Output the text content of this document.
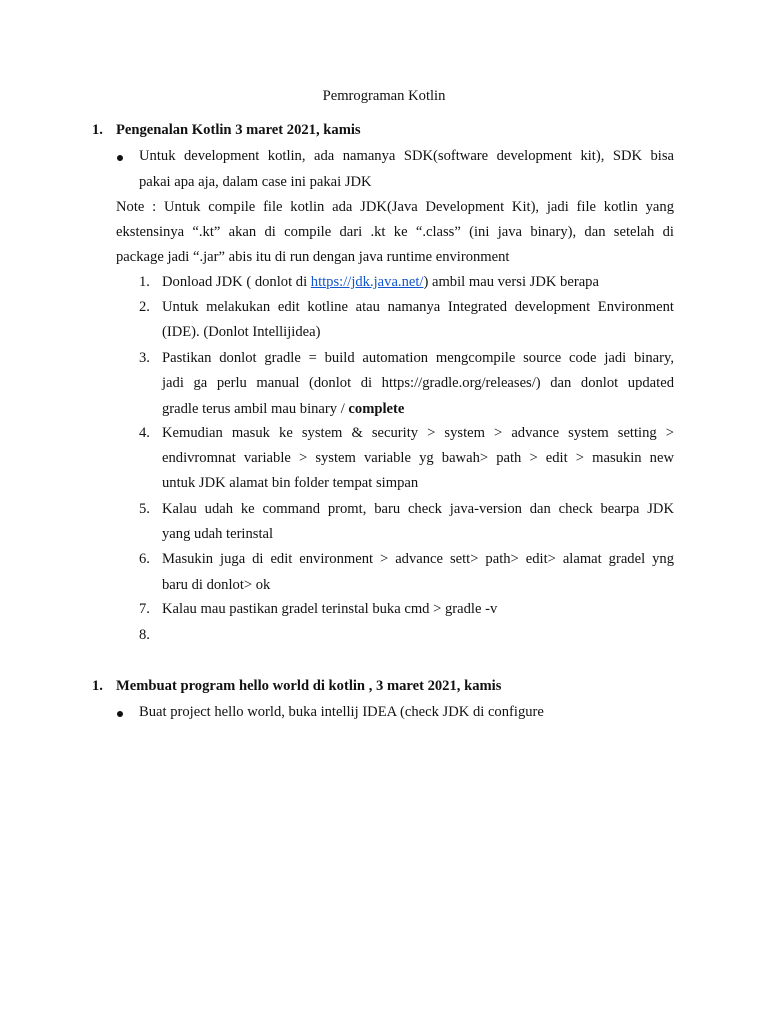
Pemrograman Kotlin
1. Pengenalan Kotlin 3 maret 2021, kamis
Untuk development kotlin, ada namanya SDK(software development kit), SDK bisa
pakai apa aja, dalam case ini pakai JDK
Note : Untuk compile file kotlin ada JDK(Java Development Kit), jadi file kotlin yang
ekstensinya “.kt” akan di compile dari .kt ke “.class” (ini java binary), dan setelah di
package jadi “.jar” abis itu di run dengan java runtime environment
1. Donload JDK ( donlot di https://jdk.java.net/) ambil mau versi JDK berapa
2. Untuk melakukan edit kotline atau namanya Integrated development Environment
(IDE). (Donlot Intellijidea)
3. Pastikan donlot gradle = build automation mengcompile source code jadi binary,
jadi ga perlu manual (donlot di https://gradle.org/releases/) dan donlot updated
gradle terus ambil mau binary / complete
4. Kemudian masuk ke system & security > system > advance system setting >
endivromnat variable > system variable yg bawah> path > edit > masukin new
untuk JDK alamat bin folder tempat simpan
5. Kalau udah ke command promt, baru check java-version dan check bearpa JDK
yang udah terinstal
6. Masukin juga di edit environment > advance sett> path> edit> alamat gradel yng
baru di donlot> ok
7. Kalau mau pastikan gradel terinstal buka cmd > gradle -v
8.
1. Membuat program hello world di kotlin , 3 maret 2021, kamis
Buat project hello world, buka intellij IDEA (check JDK di configure
